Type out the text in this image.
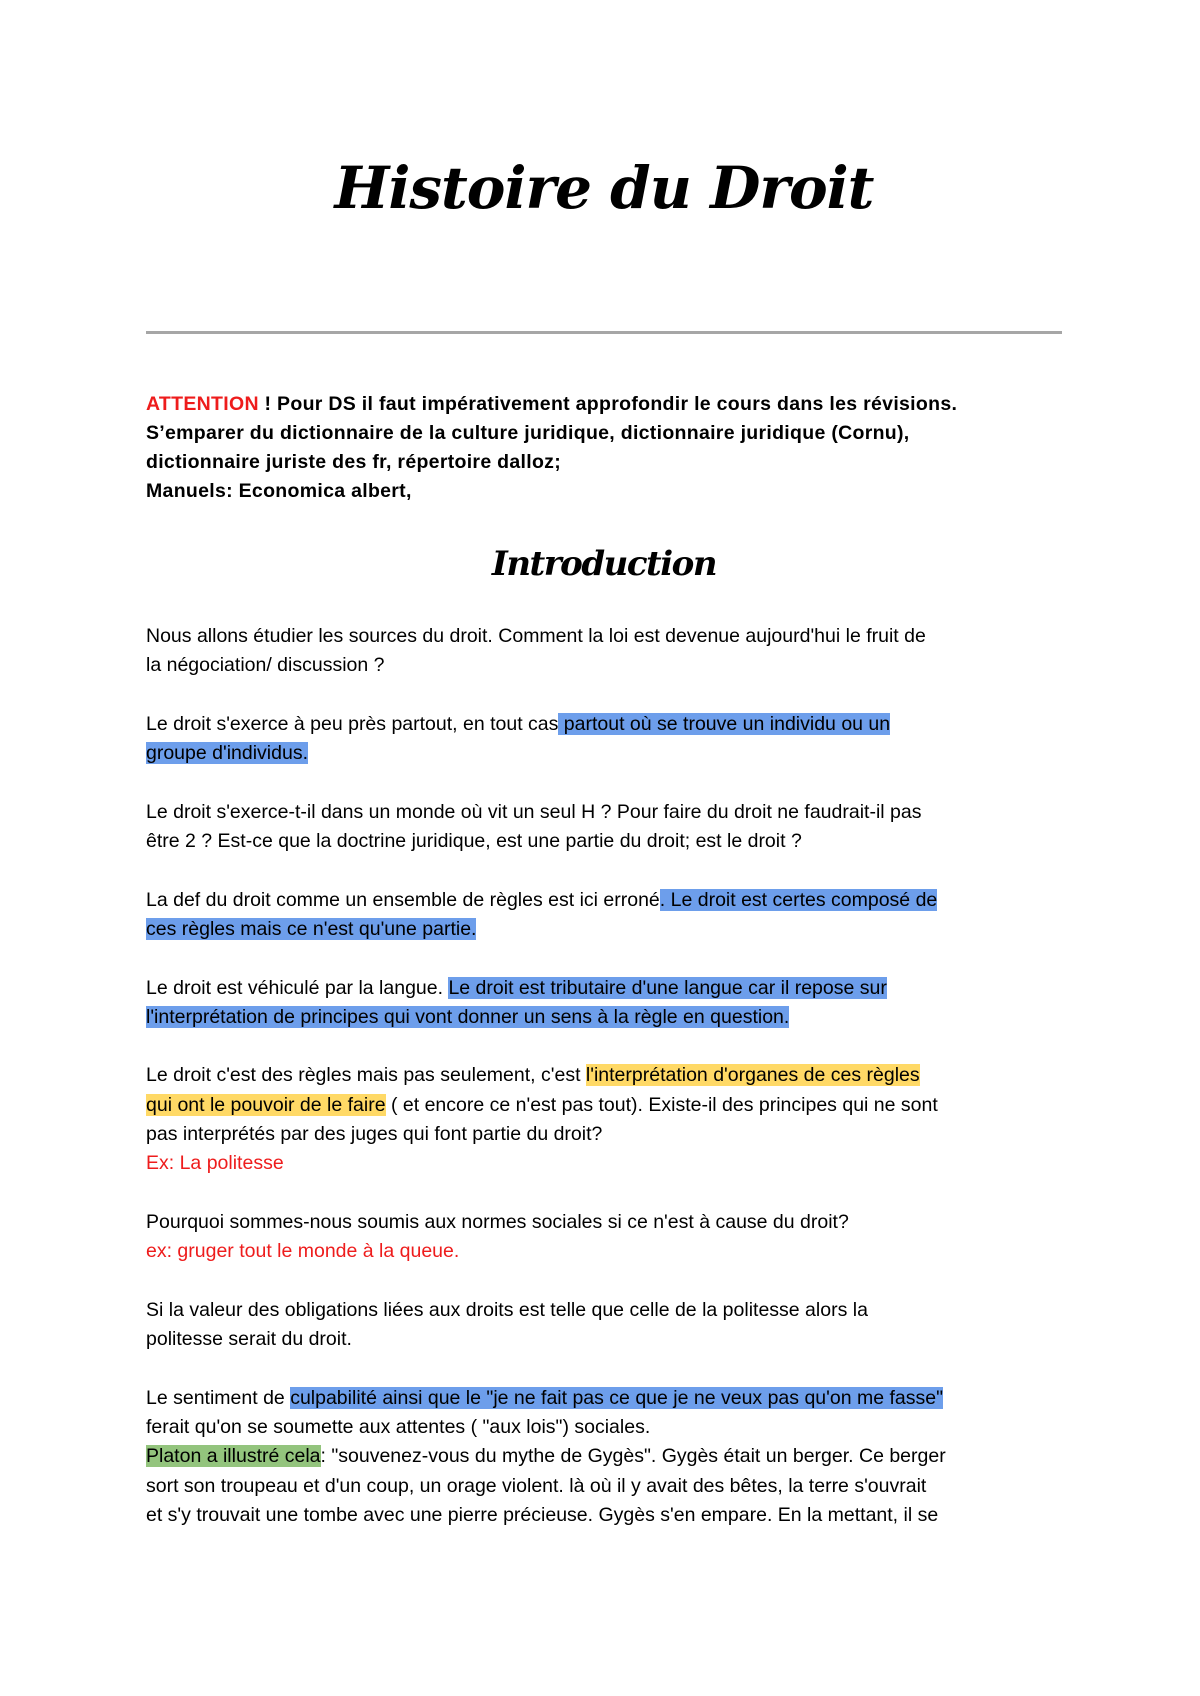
Histoire du Droit

ATTENTION ! Pour DS il faut impérativement approfondir le cours dans les révisions.
S’emparer du dictionnaire de la culture juridique, dictionnaire juridique (Cornu),
dictionnaire juriste des fr, répertoire dalloz;
Manuels: Economica albert,

Introduction
Nous allons étudier les sources du droit. Comment la loi est devenue aujourd'hui le fruit de
la négociation/ discussion ?
Le droit s'exerce à peu près partout, en tout cas partout où se trouve un individu ou un
groupe d'individus.
Le droit s'exerce-t-il dans un monde où vit un seul H ? Pour faire du droit ne faudrait-il pas
être 2 ? Est-ce que la doctrine juridique, est une partie du droit; est le droit ?
La def du droit comme un ensemble de règles est ici erroné. Le droit est certes composé de
ces règles mais ce n'est qu'une partie.
Le droit est véhiculé par la langue. Le droit est tributaire d'une langue car il repose sur
l'interprétation de principes qui vont donner un sens à la règle en question.
Le droit c'est des règles mais pas seulement, c'est l'interprétation d'organes de ces règles
qui ont le pouvoir de le faire ( et encore ce n'est pas tout). Existe-il des principes qui ne sont
pas interprétés par des juges qui font partie du droit?
Ex: La politesse
Pourquoi sommes-nous soumis aux normes sociales si ce n'est à cause du droit?
ex: gruger tout le monde à la queue.
Si la valeur des obligations liées aux droits est telle que celle de la politesse alors la
politesse serait du droit.
Le sentiment de culpabilité ainsi que le "je ne fait pas ce que je ne veux pas qu'on me fasse"
ferait qu'on se soumette aux attentes ( "aux lois") sociales.
Platon a illustré cela: "souvenez-vous du mythe de Gygès". Gygès était un berger. Ce berger
sort son troupeau et d'un coup, un orage violent. là où il y avait des bêtes, la terre s'ouvrait
et s'y trouvait une tombe avec une pierre précieuse. Gygès s'en empare. En la mettant, il se
